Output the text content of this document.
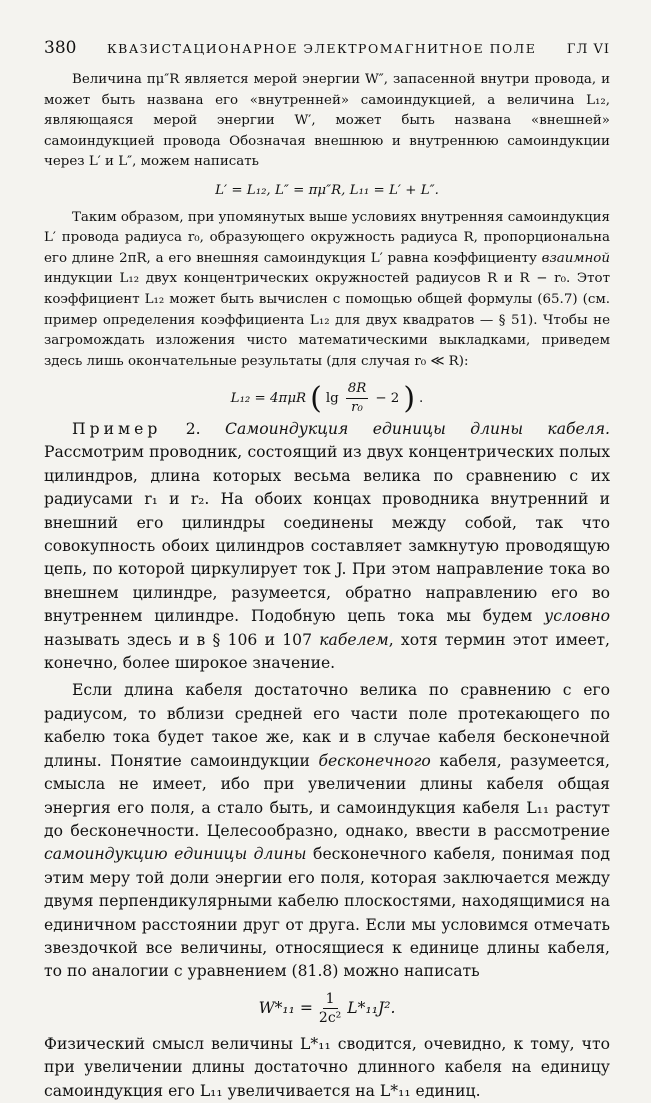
380 КВАЗИСТАЦИОНАРНОЕ ЭЛЕКТРОМАГНИТНОЕ ПОЛЕ ГЛ VI

Величина πμ″R является мерой энергии W″, запасенной внутри провода, и может быть названа его «внутренней» самоиндукцией, а величина L₁₂, являющаяся мерой энергии W′, может быть названа «внешней» самоиндукцией провода Обозначая внешнюю и внутреннюю самоиндукции через L′ и L″, можем написать

L′ = L₁₂, L″ = πμ″R, L₁₁ = L′ + L″.

Таким образом, при упомянутых выше условиях внутренняя самоиндукция L′ провода радиуса r₀, образующего окружность радиуса R, пропорциональна его длине 2πR, а его внешняя самоиндукция L′ равна коэффициенту взаимной индукции L₁₂ двух концентрических окружностей радиусов R и R − r₀. Этот коэффициент L₁₂ может быть вычислен с помощью общей формулы (65.7) (см. пример определения коэффициента L₁₂ для двух квадратов — § 51). Чтобы не загромождать изложения чисто математическими выкладками, приведем здесь лишь окончательные результаты (для случая r₀ ≪ R):

L₁₂ = 4πμR ( lg
8R
r₀
− 2 ) .

Пример 2. Самоиндукция единицы длины кабеля. Рассмотрим проводник, состоящий из двух концентрических полых цилиндров, длина которых весьма велика по сравнению с их радиусами r₁ и r₂. На обоих концах проводника внутренний и внешний его цилиндры соединены между собой, так что совокупность обоих цилиндров составляет замкнутую проводящую цепь, по которой циркулирует ток J. При этом направление тока во внешнем цилиндре, разумеется, обратно направлению его во внутреннем цилиндре. Подобную цепь тока мы будем условно называть здесь и в § 106 и 107 кабелем, хотя термин этот имеет, конечно, более широкое значение.

Если длина кабеля достаточно велика по сравнению с его радиусом, то вблизи средней его части поле протекающего по кабелю тока будет такое же, как и в случае кабеля бесконечной длины. Понятие самоиндукции бесконечного кабеля, разумеется, смысла не имеет, ибо при увеличении длины кабеля общая энергия его поля, а стало быть, и самоиндукция кабеля L₁₁ растут до бесконечности. Целесообразно, однако, ввести в рассмотрение самоиндукцию единицы длины бесконечного кабеля, понимая под этим меру той доли энергии его поля, которая заключается между двумя перпендикулярными кабелю плоскостями, находящимися на единичном расстоянии друг от друга. Если мы условимся отмечать звездочкой все величины, относящиеся к единице длины кабеля, то по аналогии с уравнением (81.8) можно написать

$W*_{11} = \frac{1}{\text{2c²}} L*_{11}J^2$.

Физический смысл величины L*₁₁ сводится, очевидно, к тому, что при увеличении длины достаточно длинного кабеля на единицу самоиндукция его L₁₁ увеличивается на L*₁₁ единиц.
